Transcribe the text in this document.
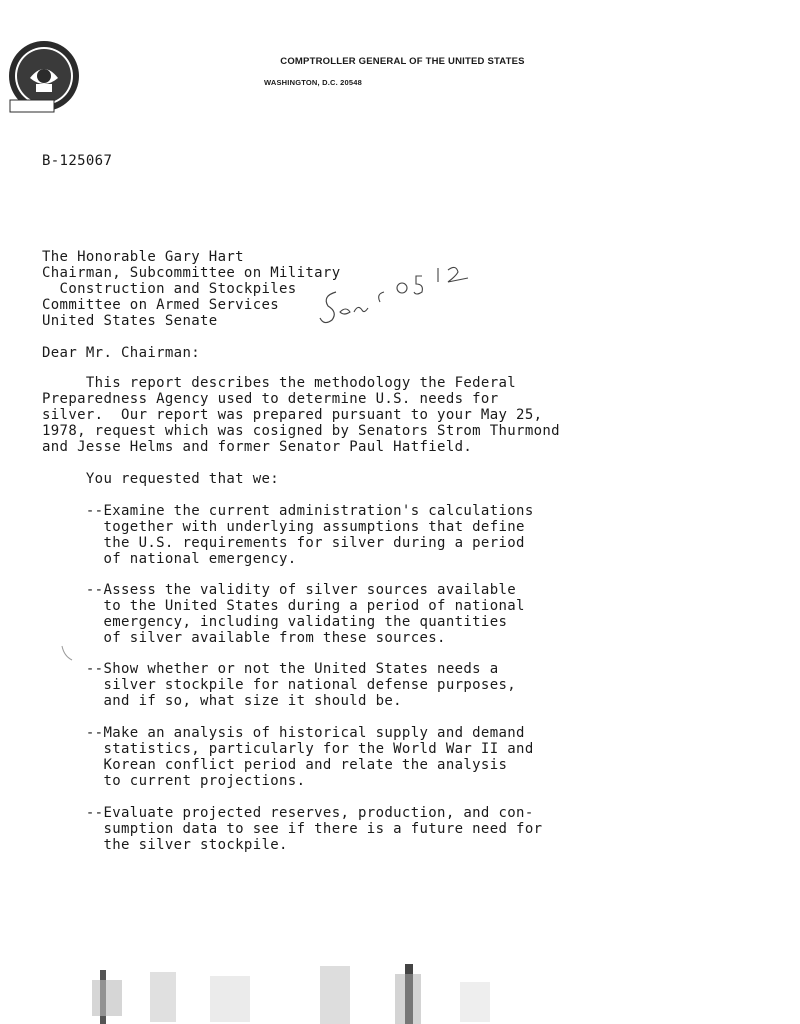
COMPTROLLER GENERAL OF THE UNITED STATES
WASHINGTON, D.C. 20548
B-125067
The Honorable Gary Hart
Chairman, Subcommittee on Military
Construction and Stockpiles
Committee on Armed Services
United States Senate
Dear Mr. Chairman:
This report describes the methodology the Federal
Preparedness Agency used to determine U.S. needs for
silver.  Our report was prepared pursuant to your May 25,
1978, request which was cosigned by Senators Strom Thurmond
and Jesse Helms and former Senator Paul Hatfield.
You requested that we:
--Examine the current administration's calculations
together with underlying assumptions that define
the U.S. requirements for silver during a period
of national emergency.
--Assess the validity of silver sources available
to the United States during a period of national
emergency, including validating the quantities
of silver available from these sources.
--Show whether or not the United States needs a
silver stockpile for national defense purposes,
and if so, what size it should be.
--Make an analysis of historical supply and demand
statistics, particularly for the World War II and
Korean conflict period and relate the analysis
to current projections.
--Evaluate projected reserves, production, and con-
sumption data to see if there is a future need for
the silver stockpile.
